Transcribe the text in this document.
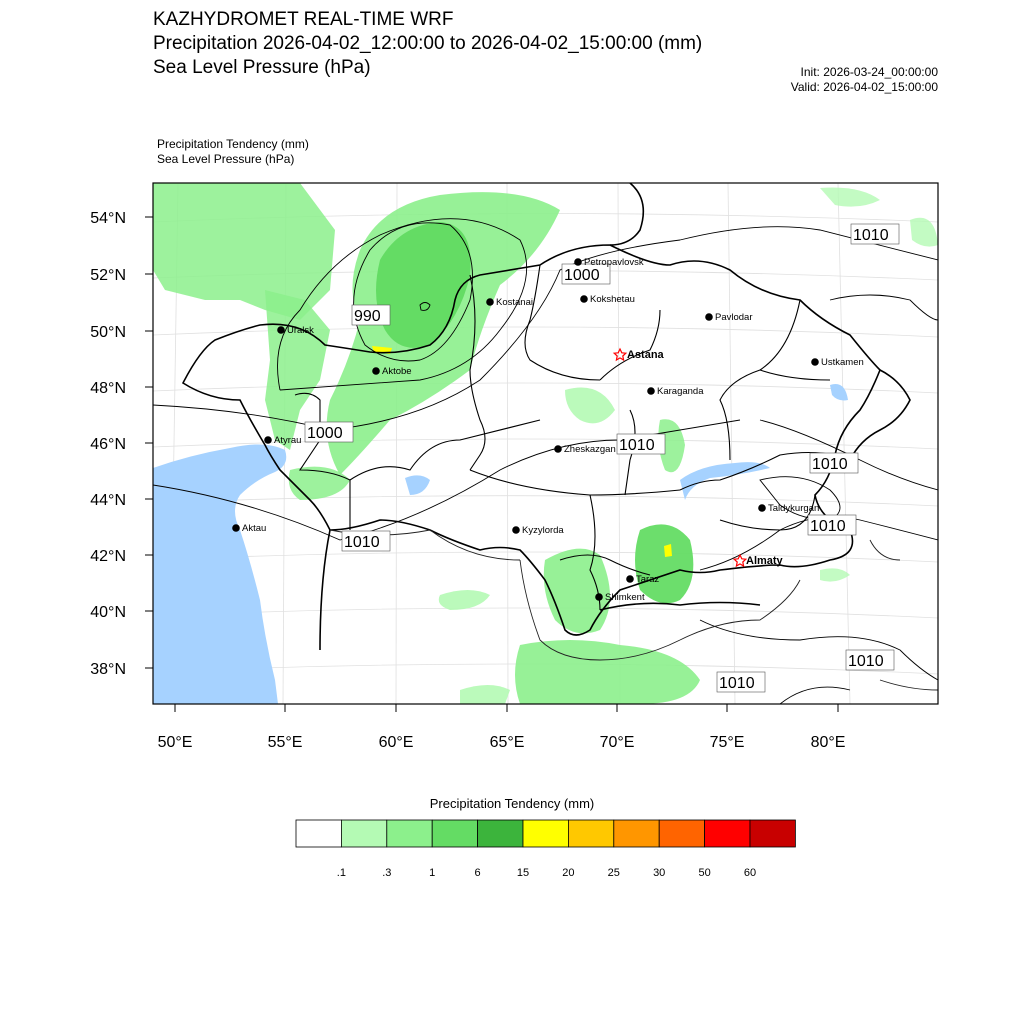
KAZHYDROMET REAL-TIME WRF
Precipitation 2026-04-02_12:00:00 to 2026-04-02_15:00:00 (mm)
Sea Level Pressure (hPa)	Init: 2026-03-24_00:00:00
Valid: 2026-04-02_15:00:00
Precipitation Tendency (mm)
Sea Level Pressure (hPa)
54°N
52°N
50°N
48°N
46°N
44°N
42°N
40°N
38°N
50°E	55°E	60°E	65°E	70°E	75°E	80°E
990
1000
1000
1010
1010
1010
1010
1010
1010
1010
Petropavlovsk
Kostanai	Kokshetau
Pavlodar
Uralsk
Aktobe
Astana
Ustkamen
Karaganda
Atyrau
Zheskazgan
Aktau	Kyzylorda
Taldykurgan
Almaty
Taraz
Shimkent
Precipitation Tendency (mm)
.1	.3	1	6	15	20	25	30	50	60
